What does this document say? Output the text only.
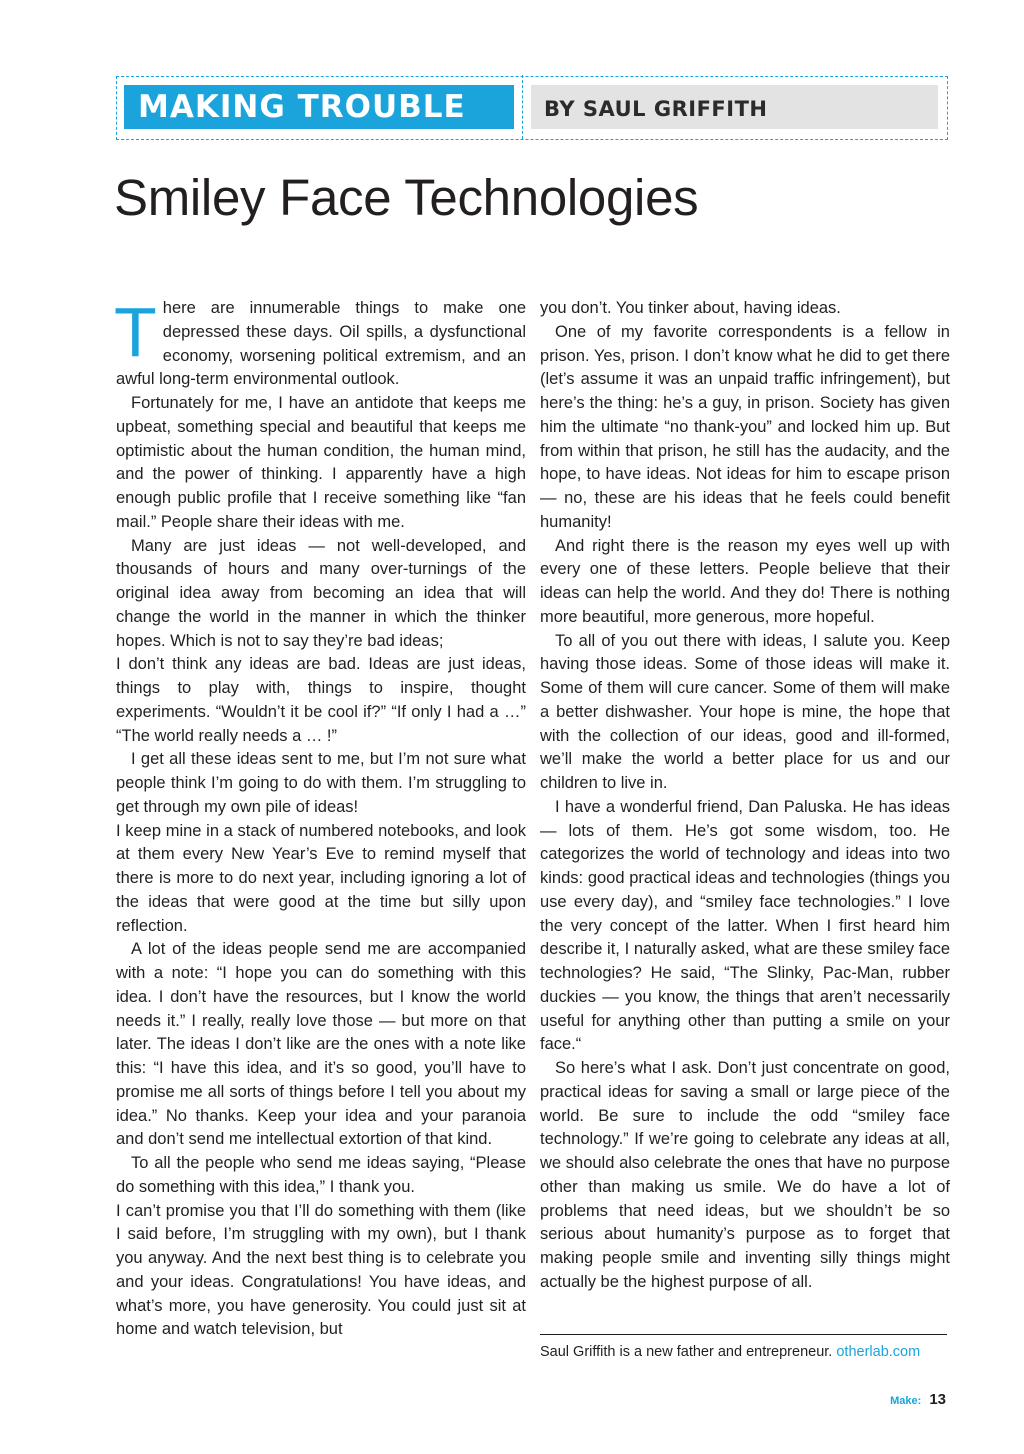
MAKING TROUBLE	BY SAUL GRIFFITH
Smiley Face Technologies

There are innumerable things to make one depressed these days. Oil spills, a dysfunctional economy, worsening political extremism, and an awful long-term environmental outlook.

Fortunately for me, I have an antidote that keeps me upbeat, something special and beautiful that keeps me optimistic about the human condition, the human mind, and the power of thinking. I apparently have a high enough public profile that I receive something like “fan mail.” People share their ideas with me.

Many are just ideas — not well-developed, and thousands of hours and many over-turnings of the original idea away from becoming an idea that will change the world in the manner in which the thinker hopes. Which is not to say they’re bad ideas;

I don’t think any ideas are bad. Ideas are just ideas, things to play with, things to inspire, thought experiments. “Wouldn’t it be cool if?” “If only I had a …” “The world really needs a … !”

I get all these ideas sent to me, but I’m not sure what people think I’m going to do with them. I’m struggling to get through my own pile of ideas!

I keep mine in a stack of numbered notebooks, and look at them every New Year’s Eve to remind myself that there is more to do next year, including ignoring a lot of the ideas that were good at the time but silly upon reflection.

A lot of the ideas people send me are accompanied with a note: “I hope you can do something with this idea. I don’t have the resources, but I know the world needs it.” I really, really love those — but more on that later. The ideas I don’t like are the ones with a note like this: “I have this idea, and it’s so good, you’ll have to promise me all sorts of things before I tell you about my idea.” No thanks. Keep your idea and your paranoia and don’t send me intellectual extortion of that kind.

To all the people who send me ideas saying, “Please do something with this idea,” I thank you.

I can’t promise you that I’ll do something with them (like I said before, I’m struggling with my own), but I thank you anyway. And the next best thing is to celebrate you and your ideas. Congratulations! You have ideas, and what’s more, you have generosity. You could just sit at home and watch television, but

you don’t. You tinker about, having ideas.

One of my favorite correspondents is a fellow in prison. Yes, prison. I don’t know what he did to get there (let’s assume it was an unpaid traffic infringement), but here’s the thing: he’s a guy, in prison. Society has given him the ultimate “no thank-you” and locked him up. But from within that prison, he still has the audacity, and the hope, to have ideas. Not ideas for him to escape prison — no, these are his ideas that he feels could benefit humanity!

And right there is the reason my eyes well up with every one of these letters. People believe that their ideas can help the world. And they do! There is nothing more beautiful, more generous, more hopeful.

To all of you out there with ideas, I salute you. Keep having those ideas. Some of those ideas will make it. Some of them will cure cancer. Some of them will make a better dishwasher. Your hope is mine, the hope that with the collection of our ideas, good and ill-formed, we’ll make the world a better place for us and our children to live in.

I have a wonderful friend, Dan Paluska. He has ideas — lots of them. He’s got some wisdom, too. He categorizes the world of technology and ideas into two kinds: good practical ideas and technologies (things you use every day), and “smiley face technologies.” I love the very concept of the latter. When I first heard him describe it, I naturally asked, what are these smiley face technologies? He said, “The Slinky, Pac-Man, rubber duckies — you know, the things that aren’t necessarily useful for anything other than putting a smile on your face.“

So here’s what I ask. Don’t just concentrate on good, practical ideas for saving a small or large piece of the world. Be sure to include the odd “smiley face technology.” If we’re going to celebrate any ideas at all, we should also celebrate the ones that have no purpose other than making us smile. We do have a lot of problems that need ideas, but we shouldn’t be so serious about humanity’s purpose as to forget that making people smile and inventing silly things might actually be the highest purpose of all.

Saul Griffith is a new father and entrepreneur. otherlab.com
Make: 13
